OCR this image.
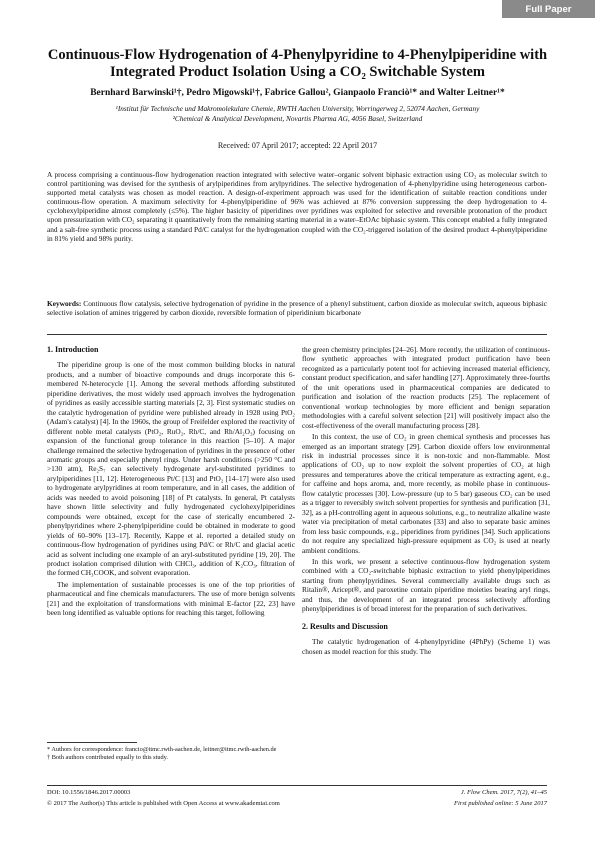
Full Paper
Continuous-Flow Hydrogenation of 4-Phenylpyridine to 4-Phenylpiperidine with
Integrated Product Isolation Using a CO₂ Switchable System
Bernhard Barwinski¹†, Pedro Migowski¹†, Fabrice Gallou², Gianpaolo Franciò¹* and Walter Leitner¹*
¹Institut für Technische und Makromolekulare Chemie, RWTH Aachen University, Worringerweg 2, 52074 Aachen, Germany
²Chemical & Analytical Development, Novartis Pharma AG, 4056 Basel, Switzerland
Received: 07 April 2017; accepted: 22 April 2017

A process comprising a continuous-flow hydrogenation reaction integrated with selective water–organic solvent biphasic extraction using CO₂ as molecular switch to control partitioning was devised for the synthesis of arylpiperidines from arylpyridines. The selective hydrogenation of 4-phenylpyridine using heterogeneous carbon-supported metal catalysts was chosen as model reaction. A design-of-experiment approach was used for the identification of suitable reaction conditions under continuous-flow operation. A maximum selectivity for 4-phenylpiperidine of 96% was achieved at 87% conversion suppressing the deep hydrogenation to 4-cyclohexylpiperidine almost completely (≤5%). The higher basicity of piperidines over pyridines was exploited for selective and reversible protonation of the product upon pressurization with CO₂ separating it quantitatively from the remaining starting material in a water–EtOAc biphasic system. This concept enabled a fully integrated and a salt-free synthetic process using a standard Pd/C catalyst for the hydrogenation coupled with the CO₂-triggered isolation of the desired product 4-phenylpiperidine in 81% yield and 98% purity.

Keywords: Continuous flow catalysis, selective hydrogenation of pyridine in the presence of a phenyl substituent, carbon dioxide as molecular switch, aqueous biphasic selective isolation of amines triggered by carbon dioxide, reversible formation of piperidinium bicarbonate

1. Introduction

The piperidine group is one of the most common building blocks in natural products, and a number of bioactive compounds and drugs incorporate this 6-membered N-heterocycle [1]. Among the several methods affording substituted piperidine derivatives, the most widely used approach involves the hydrogenation of pyridines as easily accessible starting materials [2, 3]. First systematic studies on the catalytic hydrogenation of pyridine were published already in 1928 using PtO₂ (Adam's catalyst) [4]. In the 1960s, the group of Freifelder explored the reactivity of different noble metal catalysts (PtO₂, RuO₂, Rh/C, and Rh/Al₂O₃) focusing on expansion of the functional group tolerance in this reaction [5–10]. A major challenge remained the selective hydrogenation of pyridines in the presence of other aromatic groups and especially phenyl rings. Under harsh conditions (>250 °C and >130 atm), Re₂S₇ can selectively hydrogenate aryl-substituted pyridines to arylpiperidines [11, 12]. Heterogeneous Pt/C [13] and PtO₂ [14–17] were also used to hydrogenate arylpyridines at room temperature, and in all cases, the addition of acids was needed to avoid poisoning [18] of Pt catalysts. In general, Pt catalysts have shown little selectivity and fully hydrogenated cyclohexylpiperidines compounds were obtained, except for the case of sterically encumbered 2-phenylpyridines where 2-phenylpiperidine could be obtained in moderate to good yields of 60–90% [13–17]. Recently, Kappe et al. reported a detailed study on continuous-flow hydrogenation of pyridines using Pd/C or Rh/C and glacial acetic acid as solvent including one example of an aryl-substituted pyridine [19, 20]. The product isolation comprised dilution with CHCl₃, addition of K₂CO₃, filtration of the formed CH₃COOK, and solvent evaporation.

The implementation of sustainable processes is one of the top priorities of pharmaceutical and fine chemicals manufacturers. The use of more benign solvents [21] and the exploitation of transformations with minimal E-factor [22, 23] have been long identified as valuable options for reaching this target, following

the green chemistry principles [24–26]. More recently, the utilization of continuous-flow synthetic approaches with integrated product purification have been recognized as a particularly potent tool for achieving increased material efficiency, constant product specification, and safer handling [27]. Approximately three-fourths of the unit operations used in pharmaceutical companies are dedicated to purification and isolation of the reaction products [25]. The replacement of conventional workup technologies by more efficient and benign separation methodologies with a careful solvent selection [21] will positively impact also the cost-effectiveness of the overall manufacturing process [28].

In this context, the use of CO₂ in green chemical synthesis and processes has emerged as an important strategy [29]. Carbon dioxide offers low environmental risk in industrial processes since it is non-toxic and non-flammable. Most applications of CO₂ up to now exploit the solvent properties of CO₂ at high pressures and temperatures above the critical temperature as extracting agent, e.g., for caffeine and hops aroma, and, more recently, as mobile phase in continuous-flow catalytic processes [30]. Low-pressure (up to 5 bar) gaseous CO₂ can be used as a trigger to reversibly switch solvent properties for synthesis and purification [31, 32], as a pH-controlling agent in aqueous solutions, e.g., to neutralize alkaline waste water via precipitation of metal carbonates [33] and also to separate basic amines from less basic compounds, e.g., piperidines from pyridines [34]. Such applications do not require any specialized high-pressure equipment as CO₂ is used at nearly ambient conditions.

In this work, we present a selective continuous-flow hydrogenation system combined with a CO₂-switchable biphasic extraction to yield phenylpiperidines starting from phenylpyridines. Several commercially available drugs such as Ritalin®, Aricept®, and paroxetine contain piperidine moieties bearing aryl rings, and thus, the development of an integrated process selectively affording phenylpiperidines is of broad interest for the preparation of such derivatives.

2. Results and Discussion

The catalytic hydrogenation of 4-phenylpyridine (4PhPy) (Scheme 1) was chosen as model reaction for this study. The

* Authors for correspondence: francio@itmc.rwth-aachen.de, leitner@itmc.rwth-aachen.de

† Both authors contributed equally to this study.

DOI: 10.1556/1846.2017.00003	J. Flow Chem. 2017, 7(2), 41–45
© 2017 The Author(s) This article is published with Open Access at www.akademiai.com	First published online: 5 June 2017
